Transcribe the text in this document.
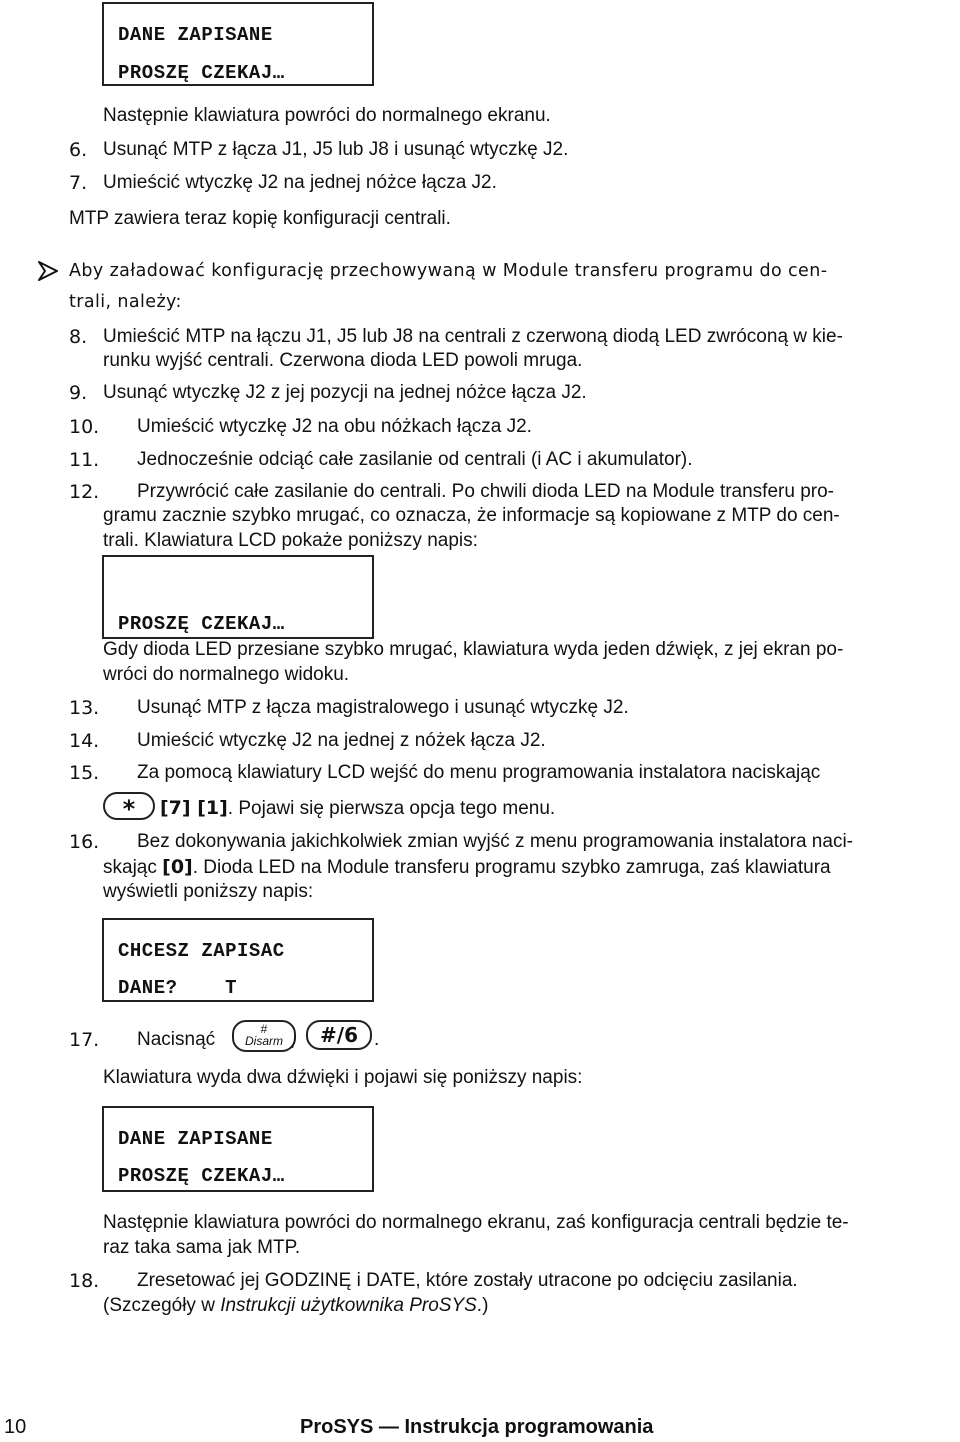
DANE ZAPISANE
PROSZĘ CZEKAJ…
Następnie klawiatura powróci do normalnego ekranu.
6. Usunąć MTP z łącza J1, J5 lub J8 i usunąć wtyczkę J2.
7. Umieścić wtyczkę J2 na jednej nóżce łącza J2.
MTP zawiera teraz kopię konfiguracji centrali.
Aby załadować konfigurację przechowywaną w Module transferu programu do cen-
trali, należy:
8. Umieścić MTP na łączu J1, J5 lub J8 na centrali z czerwoną diodą LED zwróconą w kie-
runku wyjść centrali. Czerwona dioda LED powoli mruga.
9. Usunąć wtyczkę J2 z jej pozycji na jednej nóżce łącza J2.
10. Umieścić wtyczkę J2 na obu nóżkach łącza J2.
11. Jednocześnie odciąć całe zasilanie od centrali (i AC i akumulator).
12. Przywrócić całe zasilanie do centrali. Po chwili dioda LED na Module transferu pro-
gramu zacznie szybko mrugać, co oznacza, że informacje są kopiowane z MTP do cen-
trali. Klawiatura LCD pokaże poniższy napis:
PROSZĘ CZEKAJ…
Gdy dioda LED przesiane szybko mrugać, klawiatura wyda jeden dźwięk, z jej ekran po-
wróci do normalnego widoku.
13. Usunąć MTP z łącza magistralowego i usunąć wtyczkę J2.
14. Umieścić wtyczkę J2 na jednej z nóżek łącza J2.
15. Za pomocą klawiatury LCD wejść do menu programowania instalatora naciskając
* [7] [1]. Pojawi się pierwsza opcja tego menu.
16. Bez dokonywania jakichkolwiek zmian wyjść z menu programowania instalatora naci-
skając [0]. Dioda LED na Module transferu programu szybko zamruga, zaś klawiatura
wyświetli poniższy napis:
CHCESZ ZAPISAC
DANE?    T
17. Nacisnąć	#
Disarm / #/6 .
Klawiatura wyda dwa dźwięki i pojawi się poniższy napis:
DANE ZAPISANE
PROSZĘ CZEKAJ…
Następnie klawiatura powróci do normalnego ekranu, zaś konfiguracja centrali będzie te-
raz taka sama jak MTP.
18. Zresetować jej GODZINĘ i DATE, które zostały utracone po odcięciu zasilania.
(Szczegóły w Instrukcji użytkownika ProSYS.)
10	ProSYS — Instrukcja programowania
